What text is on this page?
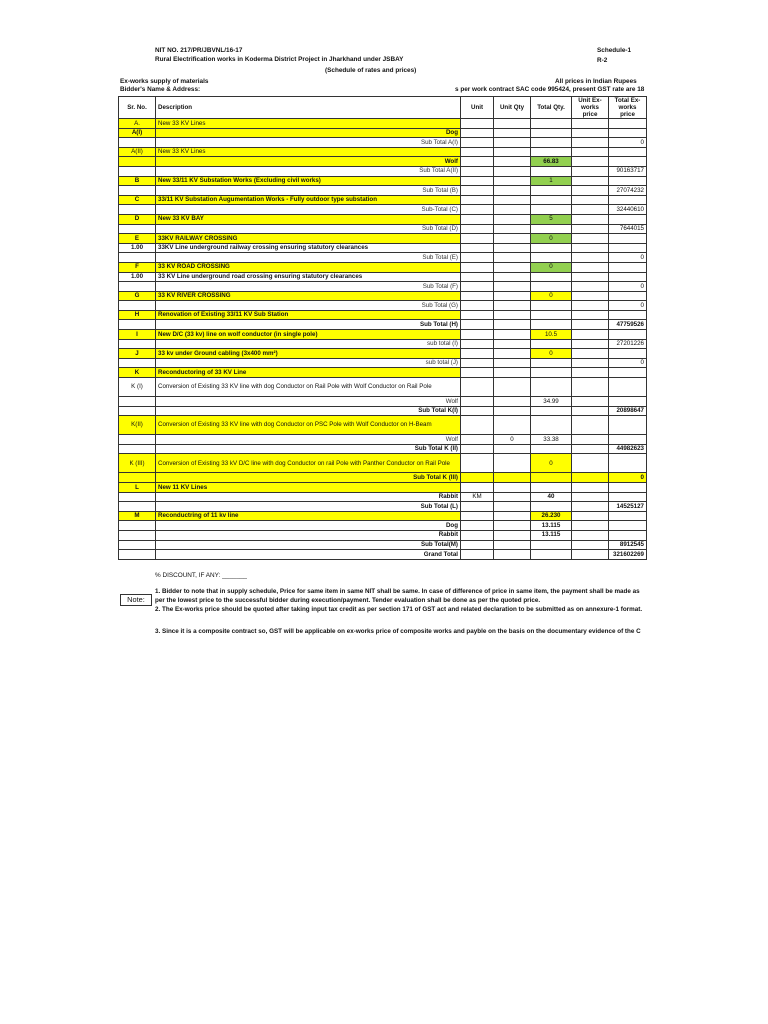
NIT NO. 217/PR/JBVNL/16-17
Rural Electrification works in Koderma District Project in Jharkhand under JSBAY
(Schedule of rates and prices)
Schedule-1
R-2
Ex-works supply of materials
Bidder's Name & Address:
All prices in Indian Rupees
s per work contract SAC code 995424, present GST rate are 18
Sr. No.	Description	Unit	Unit Qty	Total Qty.	Unit Ex-works price	Total Ex-works price
A.	New 33 KV Lines					
A(I)	Dog					
	Sub Total A(I)					0
A(II)	New 33 KV Lines					
	Wolf			66.83		
	Sub Total A(II)					90163717
B	New 33/11 KV Substation Works (Excluding civil works)			1		
	Sub Total (B)					27074232
C	33/11 KV Substation Augumentation Works - Fully outdoor type substation					
	Sub-Total (C)					32440610
D	New 33 KV BAY			5		
	Sub Total (D)					7644015
E	33KV RAILWAY CROSSING			0		
1.00	33KV Line underground railway crossing ensuring statutory clearances					
	Sub Total (E)					0
F	33 KV ROAD CROSSING			0		
1.00	33 KV Line underground road crossing ensuring statutory clearances					
	Sub Total (F)					0
G	33 KV RIVER CROSSING			0		
	Sub Total (G)					0
H	Renovation of Existing 33/11 KV Sub Station					
	Sub Total (H)					47759526
I	New D/C (33 kv) line on wolf conductor (in single pole)			10.5		
	sub total (I)					27201226
J	33 kv under Ground cabling (3x400 mm²)			0		
	sub total (J)					0
K	Reconductoring of 33 KV Line					
K (I)	Conversion of Existing 33 KV line with dog Conductor on Rail Pole with Wolf Conductor on Rail Pole					
	Wolf			34.99		
	Sub Total K(I)					20898647
K(II)	Conversion of Existing 33 KV line with dog Conductor on PSC Pole with Wolf Conductor on H-Beam					
	Wolf		0	33.38		
	Sub Total K (II)					44982623
K (III)	Conversion of Existing 33 kV D/C line with dog Conductor on rail Pole with Panther Conductor on Rail Pole			0		
	Sub Total K (III)					0
L	New 11 KV Lines					
	Rabbit	KM		40		
	Sub Total (L)					14525127
M	Reconductring of 11 kv line			26.230		
	Dog			13.115		
	Rabbit			13.115		
	Sub Total(M)					8912545
	Grand Total					321602269
% DISCOUNT, IF ANY: _______
Note:
1. Bidder to note that in supply schedule, Price for same item in same NIT shall be same. In case of difference of price in same item, the payment shall be made as per the lowest price to the successful bidder during execution/payment. Tender evaluation shall be done as per the quoted price.
2. The Ex-works price should be quoted after taking input tax credit as per section 171 of GST act and related declaration to be submitted as on annexure-1 format.
3. Since it is a composite contract so, GST will be applicable on ex-works price of composite works and payble on the basis on the documentary evidence of the C
